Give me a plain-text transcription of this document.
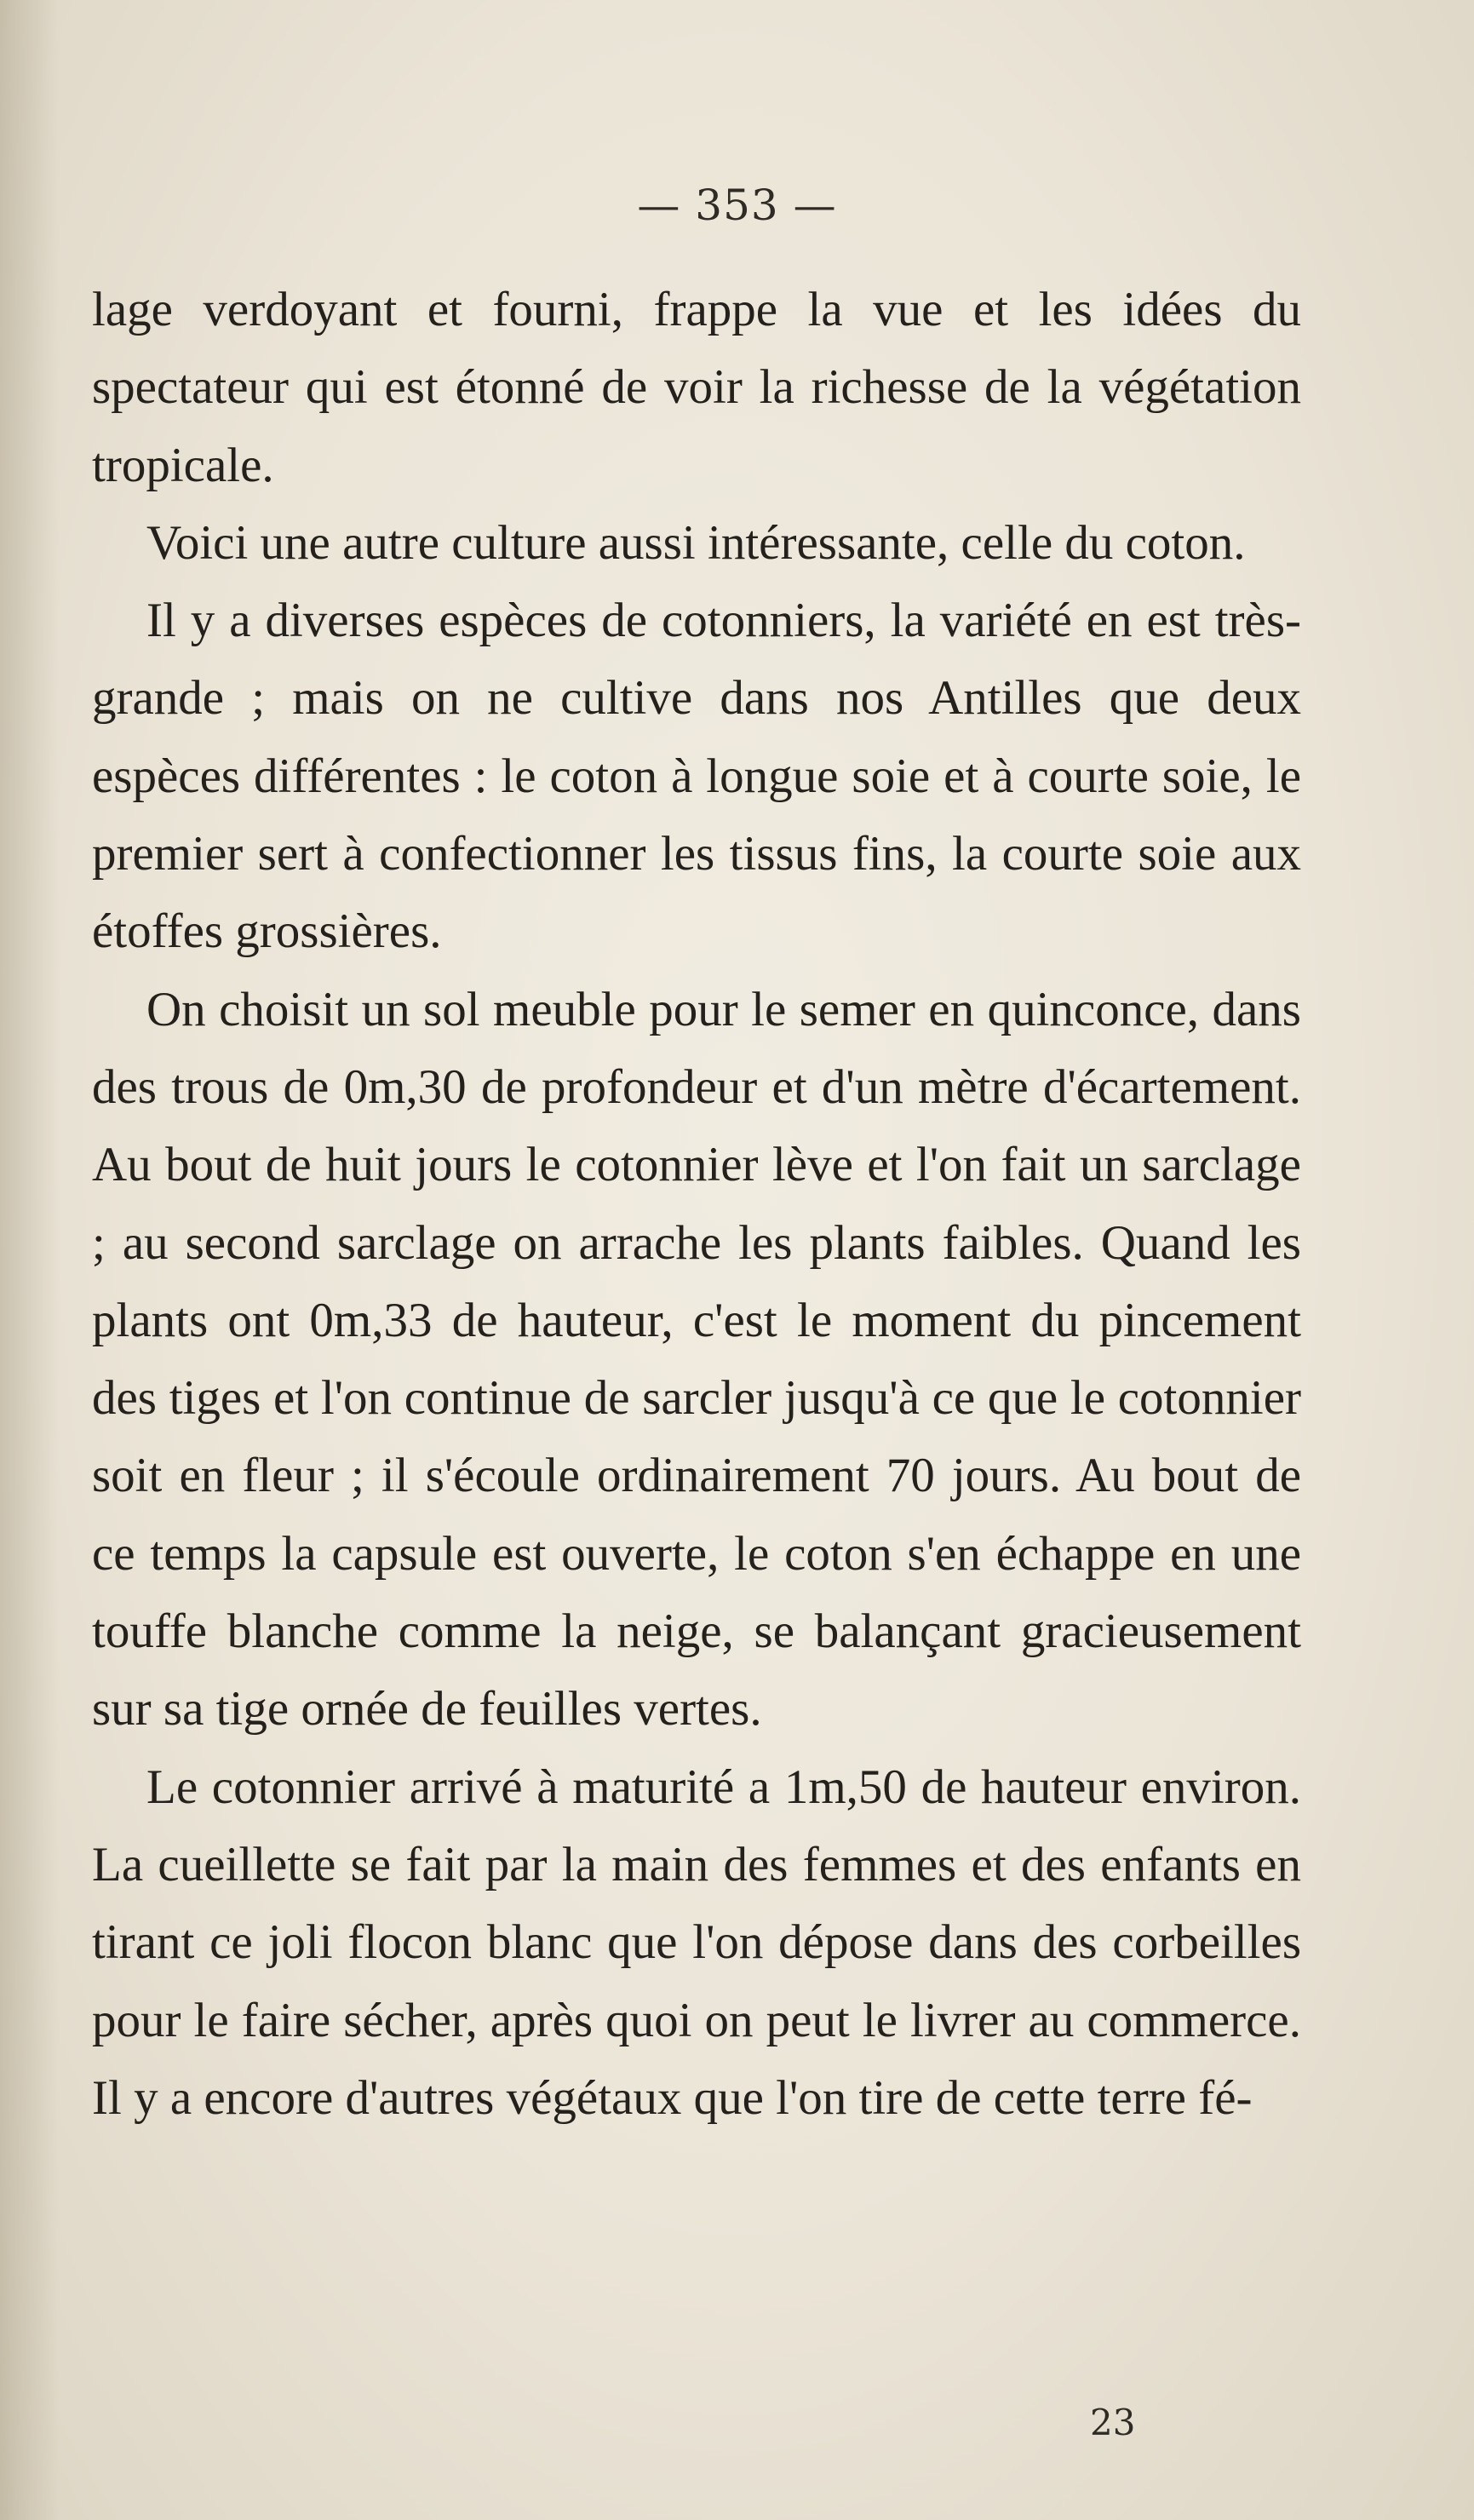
— 353 —

lage verdoyant et fourni, frappe la vue et les idées du spectateur qui est étonné de voir la richesse de la végétation tropicale.

Voici une autre culture aussi intéressante, celle du coton.

Il y a diverses espèces de cotonniers, la variété en est très-grande ; mais on ne cultive dans nos Antilles que deux espèces différentes : le coton à longue soie et à courte soie, le premier sert à confectionner les tissus fins, la courte soie aux étoffes grossières.

On choisit un sol meuble pour le semer en quinconce, dans des trous de 0m,30 de profondeur et d'un mètre d'écartement. Au bout de huit jours le cotonnier lève et l'on fait un sarclage ; au second sarclage on arrache les plants faibles. Quand les plants ont 0m,33 de hauteur, c'est le moment du pincement des tiges et l'on continue de sarcler jusqu'à ce que le cotonnier soit en fleur ; il s'écoule ordinairement 70 jours. Au bout de ce temps la capsule est ouverte, le coton s'en échappe en une touffe blanche comme la neige, se balançant gracieusement sur sa tige ornée de feuilles vertes.

Le cotonnier arrivé à maturité a 1m,50 de hauteur environ. La cueillette se fait par la main des femmes et des enfants en tirant ce joli flocon blanc que l'on dépose dans des corbeilles pour le faire sécher, après quoi on peut le livrer au commerce. Il y a encore d'autres végétaux que l'on tire de cette terre fé-

23
